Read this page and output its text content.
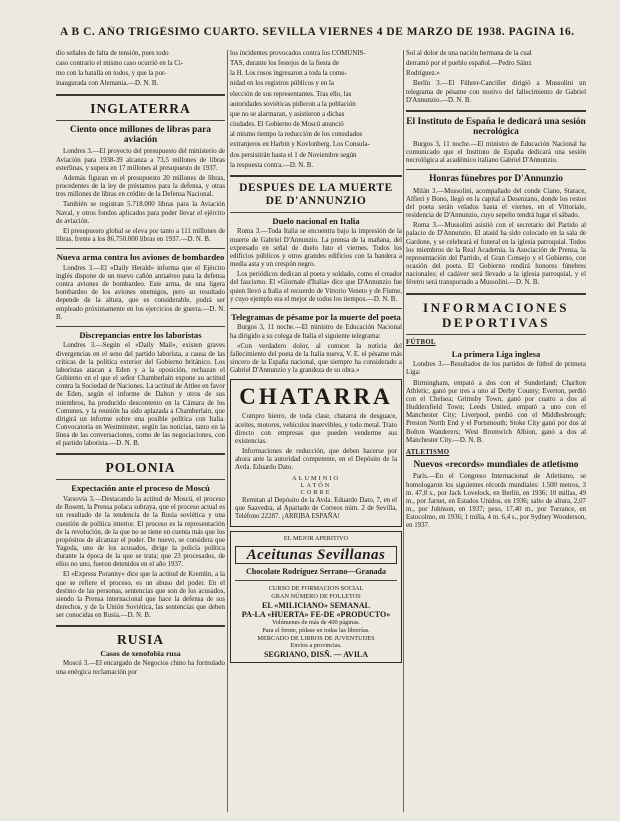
A B C. AÑO TRIGÉSIMO CUARTO. SEVILLA VIERNES 4 DE MARZO DE 1938. PAGINA 16.
dio señales de falta de tensión, pues todo
caso contrario el mismo caso ocurrió en la Ci-
mo con la batalla en todos, y que la por-
inaugurada con Alemania.—D. N. B.
INGLATERRA
Ciento once millones de libras para aviación
Londres 3.—El proyecto del presupuesto del ministerio de Aviación para 1938-39 alcanza a 73,5 millones de libras esterlinas, y supera en 17 millones al presupuesto de 1937.
Además figuran en el presupuesto 20 millones de libras, procedentes de la ley de préstamos para la defensa, y otras tres millones de libras en crédito de la Defensa Nacional.
También se registran 5.718.000 libras para la Aviación Naval, y otros fondos aplicados para poder llevar el ejército de aviación.
El presupuesto global se eleva por tanto a 111 millones de libras, frente a los 86.750.000 libras en 1937.—D. N. B.
Nueva arma contra los aviones de bombardeo
Londres 3.—El «Daily Herald» informa que el Ejército inglés dispone de un nuevo cañón antiaéreo para la defensa contra aviones de bombardeo. Este arma, de una ligera bombardeo de los aviones enemigos, pero su resultado depende de la altura, que es considerable, podrá ser empleado próximamente en los ejercicios de guerra.—D. N. B.
Discrepancias entre los laboristas
Londres 3.—Según el «Daily Mail», existen graves divergencias en el seno del partido laborista, a causa de las críticas de la política exterior del Gobierno británico. Los laboristas atacan a Eden y a la oposición, rechazan el Gobierno en el que el señor Chamberlain expone su actitud contra la Sociedad de Naciones. La actitud de Attlee en favor de Eden, según el informe de Dalton y otros de sus miembros, ha producido descontento en la Cámara de los Comunes, y la reunión ha sido aplazada a Chamberlain, que dirigirá un informe sobre una posible política con Italia. Convocatoria en Westminster, según las noticias, tanto en la línea de las conversaciones, como de las negociaciones, con el partido laborista.—D. N. B.
POLONIA
Expectación ante el proceso de Moscú
Varsovia 3.—Destacando la actitud de Moscú, el proceso de Rosent, la Prensa polaca subraya, que el proceso actual es un resultado de la tendencia de la Rusia soviética y una cuestión de política interior. El proceso es la representación de la revolución, de la que no se tiene en cuenta más que los propósitos de alcanzar el poder. De nuevo, se considera que Yagoda, uno de los acusados, dirige la policía política durante la época de la que se trata; que 23 procesados, de ellos no uno, fueron detenidos en el año 1937.
El «Express Poranny» dice que la actitud de Kremlin, a la que se refiere el proceso, es un abuso del poder. En el destino de las personas, sentencias que son de los acusados, siendo la Prensa internacional que hace la defensa de sus derechos, y de la Unión Soviética, las sentencias que deben ser conocidas en Rusia.—D. N. B.
RUSIA
Casos de xenofobia rusa
Moscú 3.—El encargado de Negocios chino ha formulado una enérgica reclamación por
los incidentes provocados contra los COMUNIS-
TAS, durante los festejos de la fiesta de
la H. Los rusos ingresaron a toda la comu-
nidad en los registros públicos y en la
elección de sus representantes. Tras ello, las
autoridades soviéticas pidieron a la población
que no se alarmaran, y asistieron a dichas
ciudades. El Gobierno de Moscú anunció
al mismo tiempo la reducción de los consulados
extranjeros en Harbin y Kovlonberg. Los Consula-
dos persistirán hasta el 1 de Noviembre según
la respuesta contra.—D. N. B.
DESPUES DE LA MUERTE DE D'ANNUNZIO
Duelo nacional en Italia
Roma 3.—Toda Italia se encuentra bajo la impresión de la muerte de Gabriel D'Annunzio. La prensa de la mañana, del expresado en señal de duelo luto el viernes. Todos los edificios públicos y otros grandes edificios con la bandera a media asta y un crespón negro.
Los periódicos dedican al poeta y soldado, como el creador del fascismo. El «Giornale d'Italia» dice que D'Annunzio fue quien llevó a Italia el recuerdo de Vittorio Veneto y de Fiume, y cuyo ejemplo era el mejor de todos los tiempos.—D. N. B.
Telegramas de pésame por la muerte del poeta
Burgos 3, 11 noche.—El ministro de Educación Nacional ha dirigido a su colega de Italia el siguiente telegrama:
«Con verdadero dolor, al conocer la noticia del fallecimiento del poeta de la Italia nueva, V. E. el pésame más sincero de la España nacional, que siempre ha considerado a Gabriel D'Annunzio y la grandeza de su obra.»
CHATARRA
Compro hierro, de toda clase, chatarra de desguace, aceites, motores, vehículos inservibles, y todo metal. Trato directo con empresas que pueden venderme sus existencias.
Informaciones de reducción, que deben hacerse por ahora ante la autoridad competente, en el Depósito de la Avda. Eduardo Dato.
ALUMINIO
LATÓN
COBRE
Remitan al Depósito de la Avda. Eduardo Dato, 7, en el que Saavedra, al Apartado de Correos núm. 2 de Sevilla, Teléfono 22287. ¡ARRIBA ESPAÑA!
EL MEJOR APERITIVO
Aceitunas Sevillanas
Chocolate Rodríguez Serrano—Granada
CURSO DE FORMACION SOCIAL
GRAN NÚMERO DE FOLLETOS
EL «MILICIANO» SEMANAL
PA-LA «HUERTA» FE-DE «PRODUCTO»
Volúmenes de más de 400 páginas.
Para el frente, pídase en todas las librerías.
MERCADO DE LIBROS DE JUVENTUDES
Envíos a provincias.
SEGRIANO, DISÑ. — AVILA
Sol al dolor de una nación hermana de la cual
derramó por el pueblo español.—Pedro Sáinz
Rodríguez.»
Berlín 3.—El Führer-Canciller dirigió a Mussolini un telegrama de pésame con motivo del fallecimiento de Gabriel D'Annunzio.—D. N. B.
El Instituto de España le dedicará una sesión necrológica
Burgos 3, 11 noche.—El ministro de Educación Nacional ha comunicado que el Instituto de España dedicará una sesión necrológica al académico italiano Gabriel D'Annunzio.
Honras fúnebres por D'Annunzio
Milán 3.—Mussolini, acompañado del conde Ciano, Starace, Alfieri y Bono, llegó en la capital a Desenzano, donde los restos del poeta serán velados hasta el viernes, en el Vittoriale, residencia de D'Annunzio, cuyo sepelio tendrá lugar el sábado.
Roma 3.—Mussolini asistió con el secretario del Partido al palacio de D'Annunzio. El ataúd ha sido colocado en la sala de Gardone, y se celebrará el funeral en la iglesia parroquial. Todos los miembros de la Real Academia, la Asociación de Prensa, la representación del Partido, el Gran Consejo y el Gobierno, con ocasión del poeta. El Gobierno rendirá honores fúnebres nacionales; el cadáver será llevado a la iglesia parroquial, y el féretro será transportado a Mussolini.—D. N. B.
INFORMACIONES DEPORTIVAS
FÚTBOL
La primera Liga inglesa
Londres 3.—Resultados de los partidos de fútbol de primera Liga:
Birmingham, empató a dos con el Sunderland; Charlton Athletic, ganó por tres a uno al Derby County; Everton, perdió con el Chelsea; Grimsby Town, ganó por cuatro a dos al Huddersfield Town; Leeds United, empató a uno con el Manchester City; Liverpool, perdió con el Middlesbrough; Preston North End y el Portsmouth; Stoke City ganó por dos al Bolton Wanderers; West Bromwich Albion, ganó a dos al Manchester City.—D. N. B.
ATLETISMO
Nuevos «records» mundiales de atletismo
París.—En el Congreso Internacional de Atletismo, se homologaron los siguientes récords mundiales: 1.500 metros, 3 m. 47,8 s., por Jack Lovelock, en Berlín, en 1936; 10 millas, 49 m., por Jarnet, en Estados Unidos, en 1936; salto de altura, 2,07 m., por Johnson, en 1937; peso, 17,40 m., por Torrance, en Estocolmo, en 1936; 1 milla, 4 m. 6,4 s., por Sydney Wooderson, en 1937.
